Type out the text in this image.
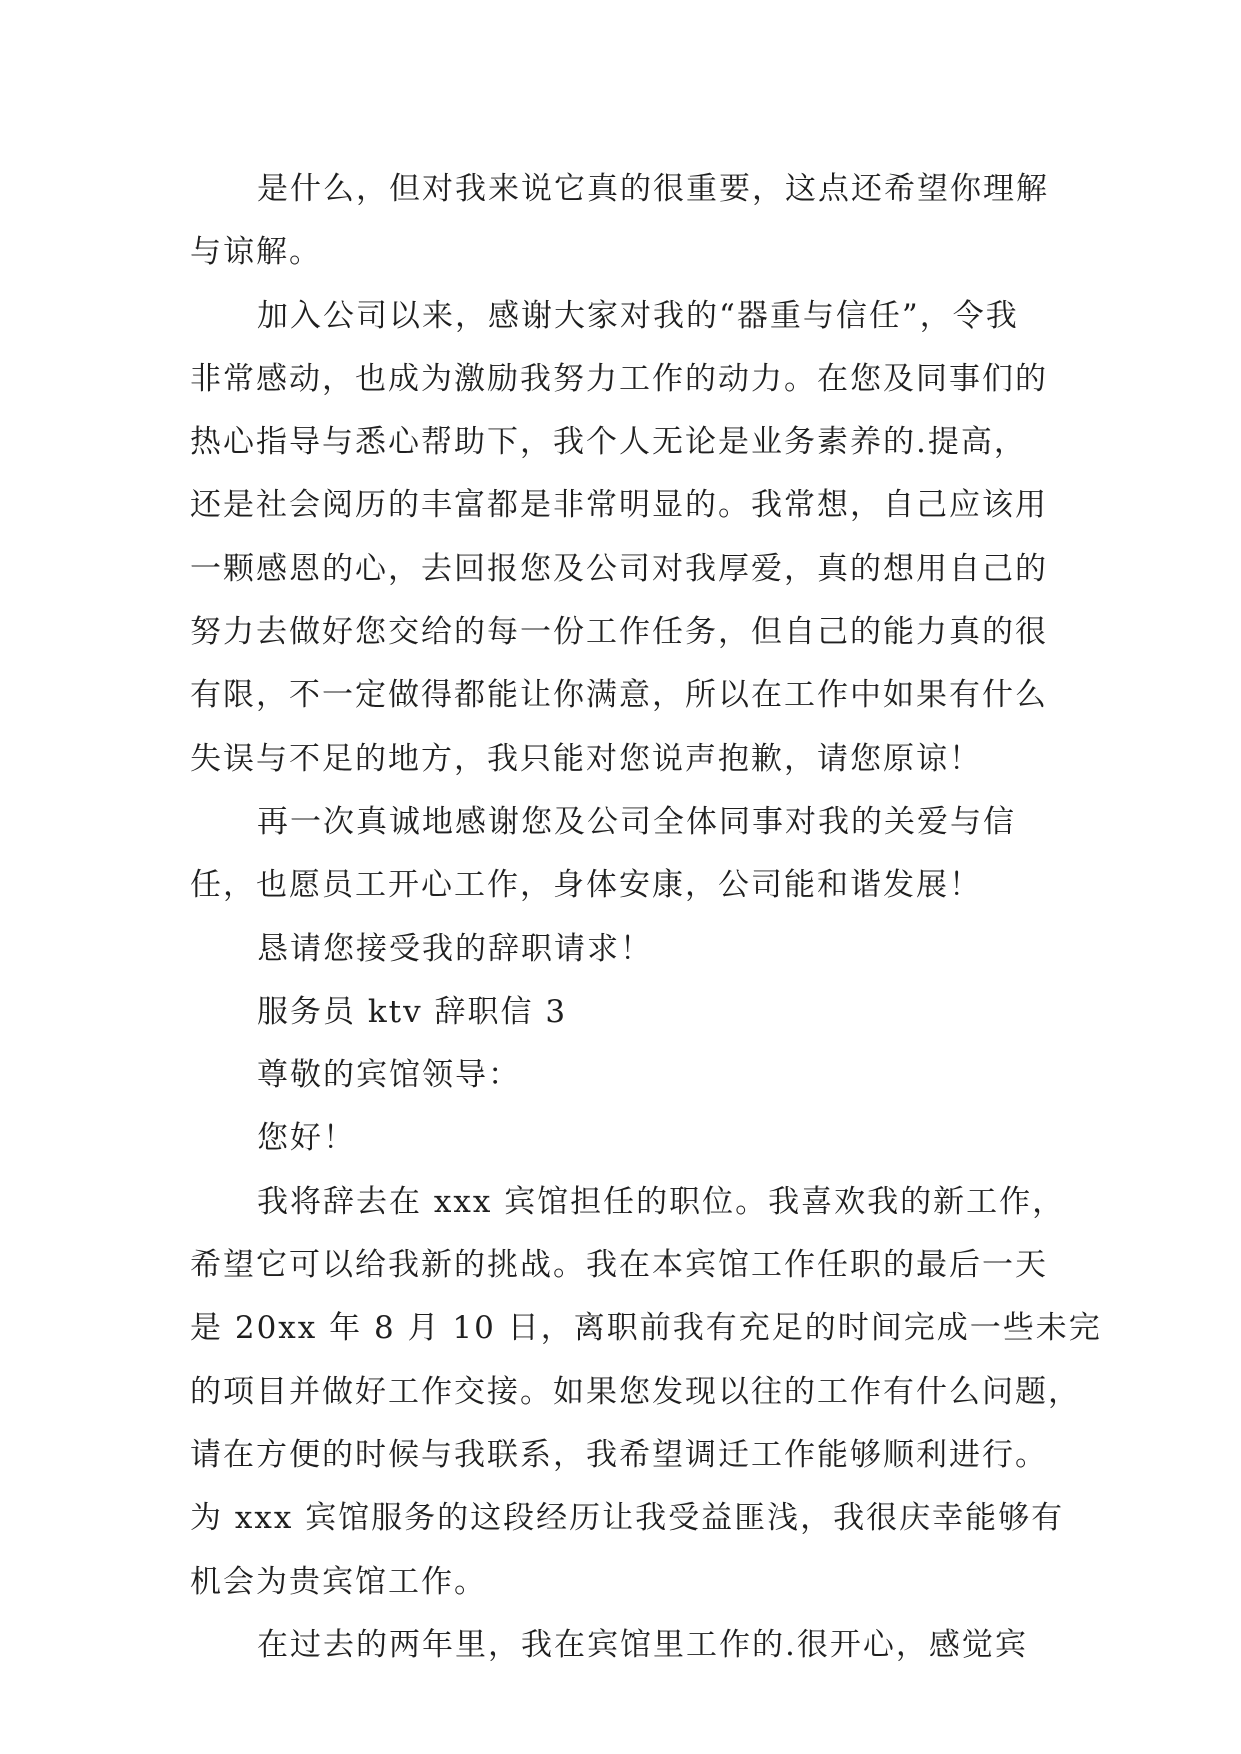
是什么，但对我来说它真的很重要，这点还希望你理解
与谅解。
加入公司以来，感谢大家对我的“器重与信任”，令我
非常感动，也成为激励我努力工作的动力。在您及同事们的
热心指导与悉心帮助下，我个人无论是业务素养的.提高，
还是社会阅历的丰富都是非常明显的。我常想，自己应该用
一颗感恩的心，去回报您及公司对我厚爱，真的想用自己的
努力去做好您交给的每一份工作任务，但自己的能力真的很
有限，不一定做得都能让你满意，所以在工作中如果有什么
失误与不足的地方，我只能对您说声抱歉，请您原谅！
再一次真诚地感谢您及公司全体同事对我的关爱与信
任，也愿员工开心工作，身体安康，公司能和谐发展！
恳请您接受我的辞职请求！
服务员 ktv 辞职信 3
尊敬的宾馆领导：
您好！
我将辞去在 xxx 宾馆担任的职位。我喜欢我的新工作，
希望它可以给我新的挑战。我在本宾馆工作任职的最后一天
是 20xx 年 8 月 10 日，离职前我有充足的时间完成一些未完
的项目并做好工作交接。如果您发现以往的工作有什么问题，
请在方便的时候与我联系，我希望调迁工作能够顺利进行。
为 xxx 宾馆服务的这段经历让我受益匪浅，我很庆幸能够有
机会为贵宾馆工作。
在过去的两年里，我在宾馆里工作的.很开心，感觉宾
